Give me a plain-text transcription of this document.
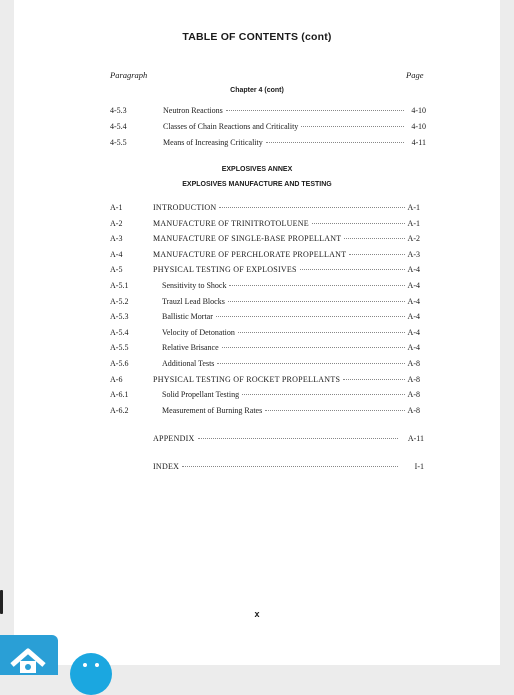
TABLE OF CONTENTS (cont)
Paragraph	Page
Chapter 4 (cont)
4-5.3	Neutron Reactions	4-10
4-5.4	Classes of Chain Reactions and Criticality	4-10
4-5.5	Means of Increasing Criticality	4-11
EXPLOSIVES ANNEX
EXPLOSIVES MANUFACTURE AND TESTING
A-1	INTRODUCTION	A-1
A-2	MANUFACTURE OF TRINITROTOLUENE	A-1
A-3	MANUFACTURE OF SINGLE-BASE PROPELLANT	A-2
A-4	MANUFACTURE OF PERCHLORATE PROPELLANT	A-3
A-5	PHYSICAL TESTING OF EXPLOSIVES	A-4
A-5.1	Sensitivity to Shock	A-4
A-5.2	Trauzl Lead Blocks	A-4
A-5.3	Ballistic Mortar	A-4
A-5.4	Velocity of Detonation	A-4
A-5.5	Relative Brisance	A-4
A-5.6	Additional Tests	A-8
A-6	PHYSICAL TESTING OF ROCKET PROPELLANTS	A-8
A-6.1	Solid Propellant Testing	A-8
A-6.2	Measurement of Burning Rates	A-8
APPENDIX	A-11
INDEX	I-1
x
